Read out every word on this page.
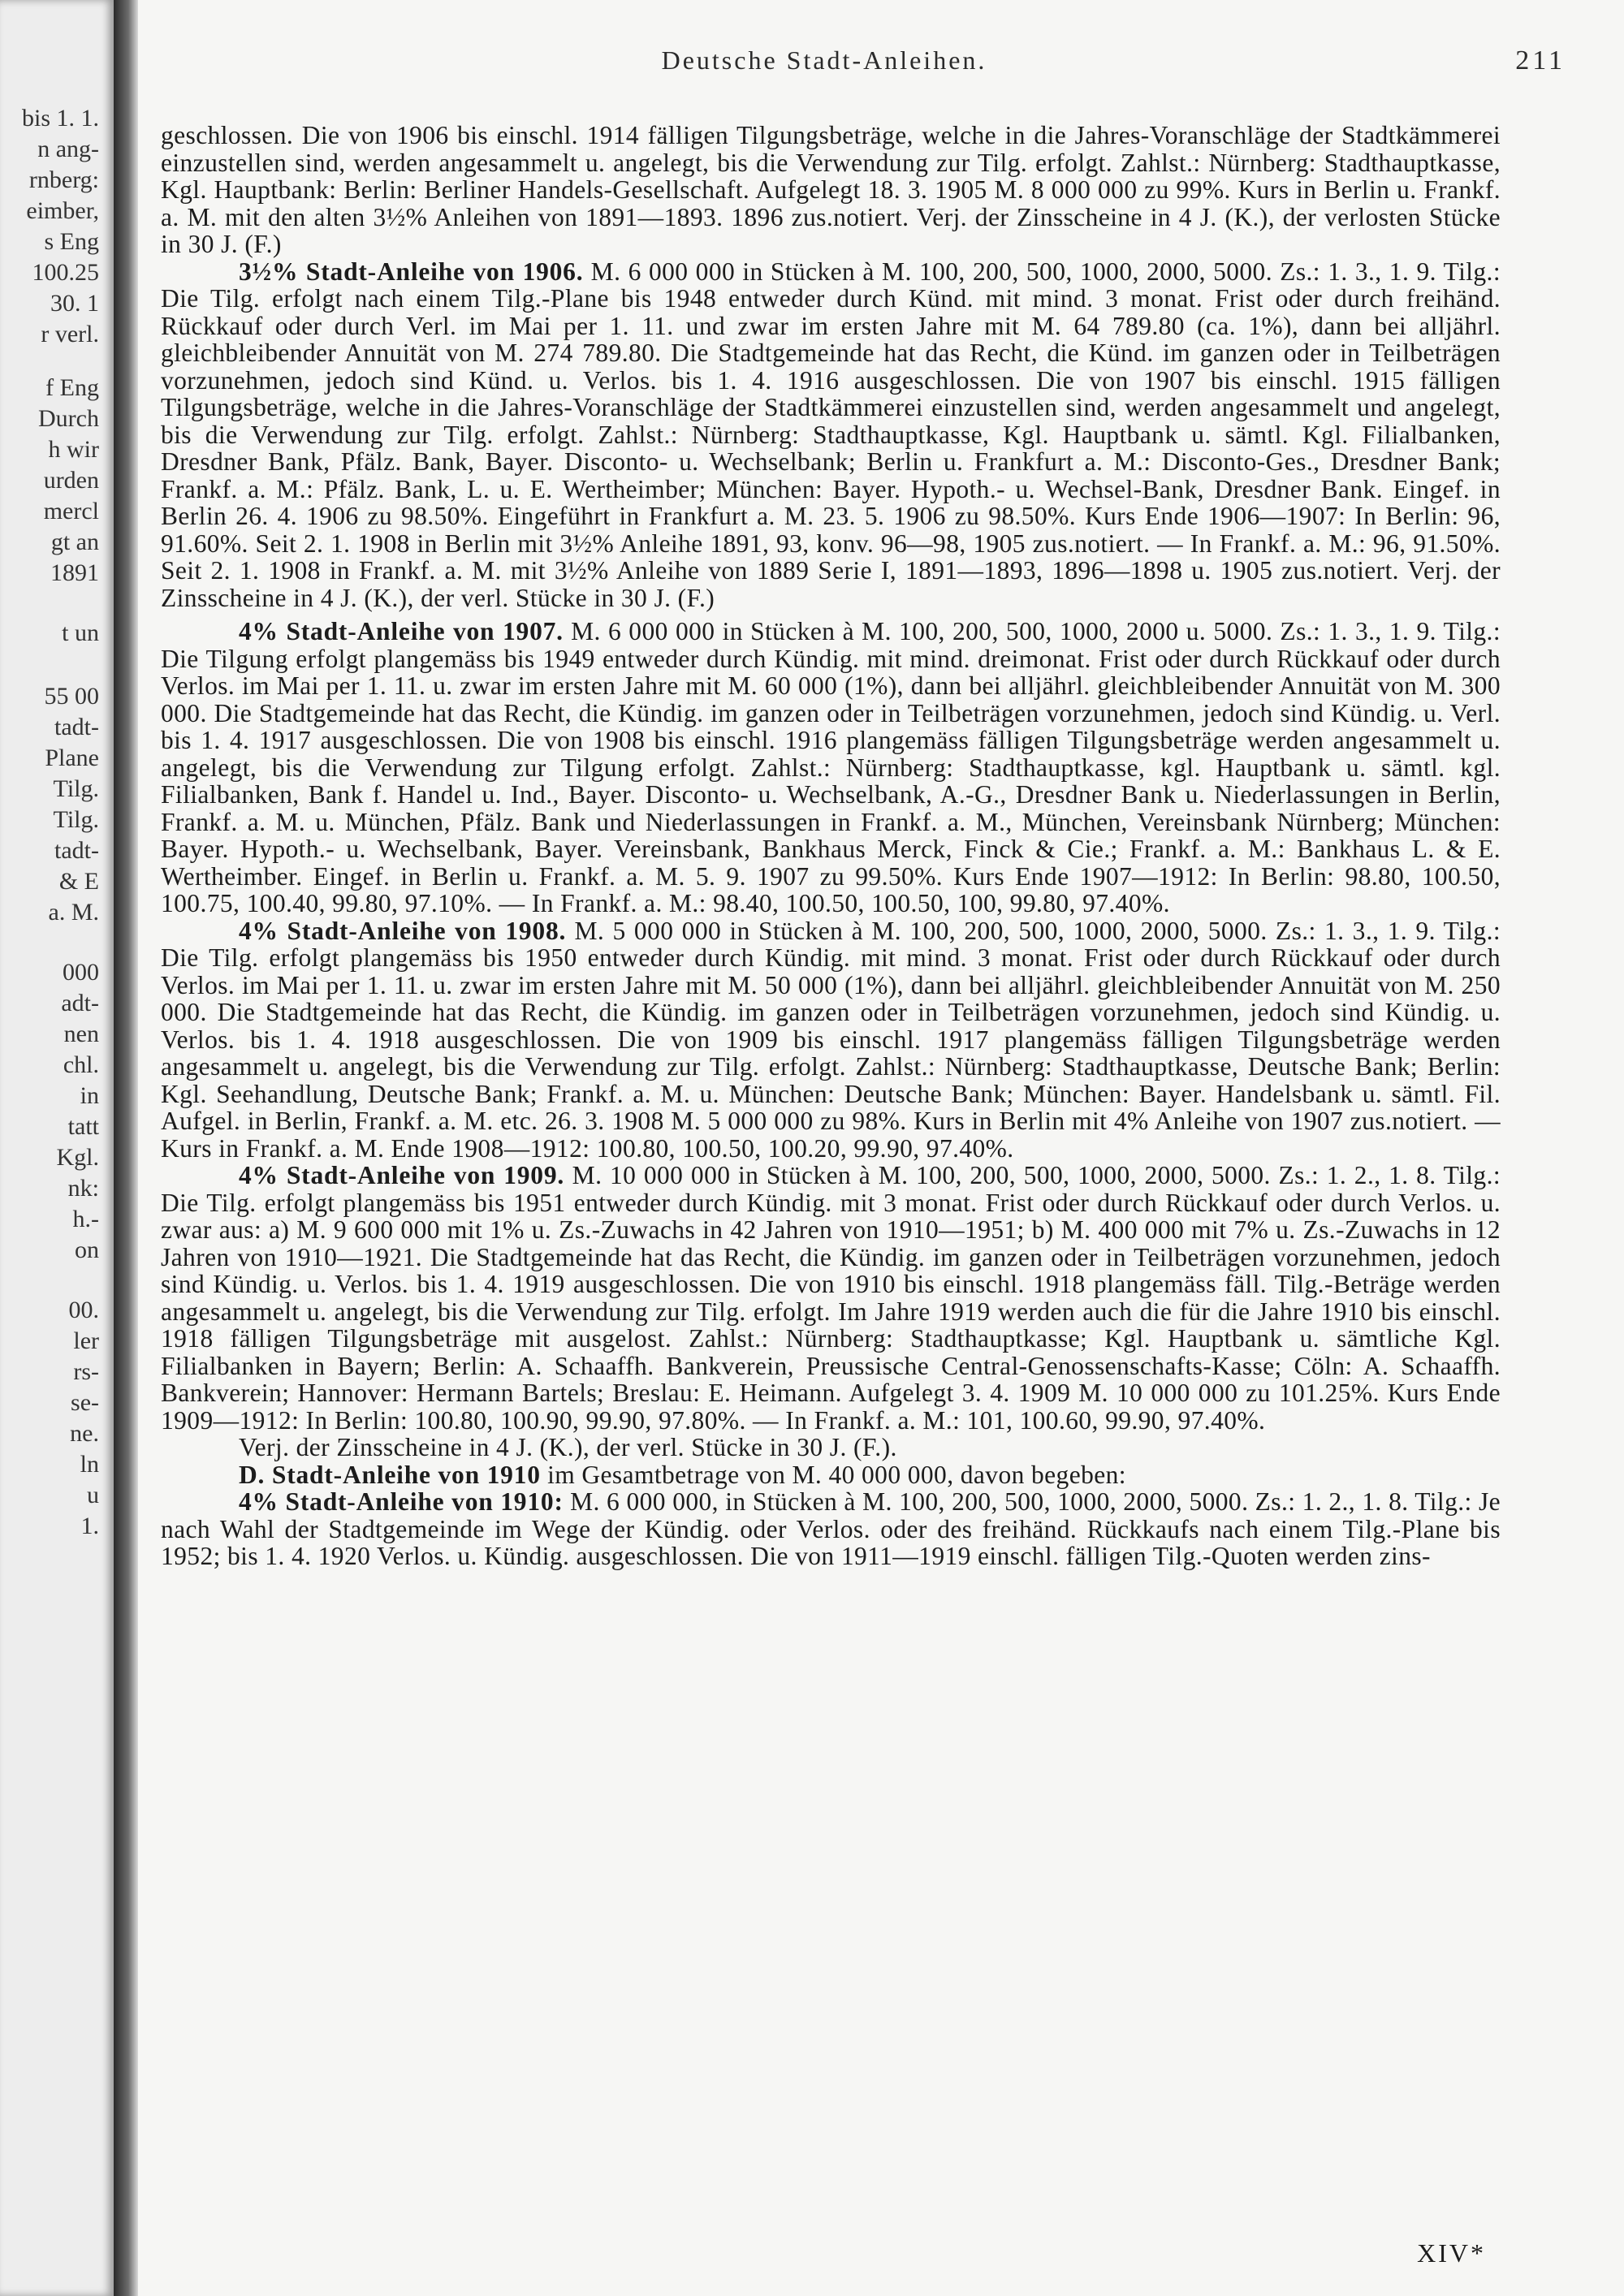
bis 1. 1.
n ang-
rnberg:
eimber,
s Eng
100.25
30. 1
r verl.
f Eng
Durch
h wir
urden
mercl
gt an
1891
t un
55 00
tadt-
Plane
Tilg.
Tilg.
tadt-
& E
a. M.
000
adt-
nen
chl.
in
tatt
Kgl.
nk:
h.-
on
00.
ler
rs-
se-
ne.
ln
u
1.
Deutsche Stadt-Anleihen.	211

geschlossen. Die von 1906 bis einschl. 1914 fälligen Tilgungsbeträge, welche in die Jahres-Voranschläge der Stadtkämmerei einzustellen sind, werden angesammelt u. angelegt, bis die Verwendung zur Tilg. erfolgt. Zahlst.: Nürnberg: Stadthauptkasse, Kgl. Hauptbank: Berlin: Berliner Handels-Gesellschaft. Aufgelegt 18. 3. 1905 M. 8 000 000 zu 99%. Kurs in Berlin u. Frankf. a. M. mit den alten 3½% Anleihen von 1891—1893. 1896 zus.notiert. Verj. der Zinsscheine in 4 J. (K.), der verlosten Stücke in 30 J. (F.)

3½% Stadt-Anleihe von 1906. M. 6 000 000 in Stücken à M. 100, 200, 500, 1000, 2000, 5000. Zs.: 1. 3., 1. 9. Tilg.: Die Tilg. erfolgt nach einem Tilg.-Plane bis 1948 entweder durch Künd. mit mind. 3 monat. Frist oder durch freihänd. Rückkauf oder durch Verl. im Mai per 1. 11. und zwar im ersten Jahre mit M. 64 789.80 (ca. 1%), dann bei alljährl. gleichbleibender Annuität von M. 274 789.80. Die Stadtgemeinde hat das Recht, die Künd. im ganzen oder in Teilbeträgen vorzunehmen, jedoch sind Künd. u. Verlos. bis 1. 4. 1916 ausgeschlossen. Die von 1907 bis einschl. 1915 fälligen Tilgungsbeträge, welche in die Jahres-Voranschläge der Stadtkämmerei einzustellen sind, werden angesammelt und angelegt, bis die Verwendung zur Tilg. erfolgt. Zahlst.: Nürnberg: Stadthauptkasse, Kgl. Hauptbank u. sämtl. Kgl. Filialbanken, Dresdner Bank, Pfälz. Bank, Bayer. Disconto- u. Wechselbank; Berlin u. Frankfurt a. M.: Disconto-Ges., Dresdner Bank; Frankf. a. M.: Pfälz. Bank, L. u. E. Wertheimber; München: Bayer. Hypoth.- u. Wechsel-Bank, Dresdner Bank. Eingef. in Berlin 26. 4. 1906 zu 98.50%. Eingeführt in Frankfurt a. M. 23. 5. 1906 zu 98.50%. Kurs Ende 1906—1907: In Berlin: 96, 91.60%. Seit 2. 1. 1908 in Berlin mit 3½% Anleihe 1891, 93, konv. 96—98, 1905 zus.notiert. — In Frankf. a. M.: 96, 91.50%. Seit 2. 1. 1908 in Frankf. a. M. mit 3½% Anleihe von 1889 Serie I, 1891—1893, 1896—1898 u. 1905 zus.notiert. Verj. der Zinsscheine in 4 J. (K.), der verl. Stücke in 30 J. (F.)

4% Stadt-Anleihe von 1907. M. 6 000 000 in Stücken à M. 100, 200, 500, 1000, 2000 u. 5000. Zs.: 1. 3., 1. 9. Tilg.: Die Tilgung erfolgt plangemäss bis 1949 entweder durch Kündig. mit mind. dreimonat. Frist oder durch Rückkauf oder durch Verlos. im Mai per 1. 11. u. zwar im ersten Jahre mit M. 60 000 (1%), dann bei alljährl. gleichbleibender Annuität von M. 300 000. Die Stadtgemeinde hat das Recht, die Kündig. im ganzen oder in Teilbeträgen vorzunehmen, jedoch sind Kündig. u. Verl. bis 1. 4. 1917 ausgeschlossen. Die von 1908 bis einschl. 1916 plangemäss fälligen Tilgungsbeträge werden angesammelt u. angelegt, bis die Verwendung zur Tilgung erfolgt. Zahlst.: Nürnberg: Stadthauptkasse, kgl. Hauptbank u. sämtl. kgl. Filialbanken, Bank f. Handel u. Ind., Bayer. Disconto- u. Wechselbank, A.-G., Dresdner Bank u. Niederlassungen in Berlin, Frankf. a. M. u. München, Pfälz. Bank und Niederlassungen in Frankf. a. M., München, Vereinsbank Nürnberg; München: Bayer. Hypoth.- u. Wechselbank, Bayer. Vereinsbank, Bankhaus Merck, Finck & Cie.; Frankf. a. M.: Bankhaus L. & E. Wertheimber. Eingef. in Berlin u. Frankf. a. M. 5. 9. 1907 zu 99.50%. Kurs Ende 1907—1912: In Berlin: 98.80, 100.50, 100.75, 100.40, 99.80, 97.10%. — In Frankf. a. M.: 98.40, 100.50, 100.50, 100, 99.80, 97.40%.

4% Stadt-Anleihe von 1908. M. 5 000 000 in Stücken à M. 100, 200, 500, 1000, 2000, 5000. Zs.: 1. 3., 1. 9. Tilg.: Die Tilg. erfolgt plangemäss bis 1950 entweder durch Kündig. mit mind. 3 monat. Frist oder durch Rückkauf oder durch Verlos. im Mai per 1. 11. u. zwar im ersten Jahre mit M. 50 000 (1%), dann bei alljährl. gleichbleibender Annuität von M. 250 000. Die Stadtgemeinde hat das Recht, die Kündig. im ganzen oder in Teilbeträgen vorzunehmen, jedoch sind Kündig. u. Verlos. bis 1. 4. 1918 ausgeschlossen. Die von 1909 bis einschl. 1917 plangemäss fälligen Tilgungsbeträge werden angesammelt u. angelegt, bis die Verwendung zur Tilg. erfolgt. Zahlst.: Nürnberg: Stadthauptkasse, Deutsche Bank; Berlin: Kgl. Seehandlung, Deutsche Bank; Frankf. a. M. u. München: Deutsche Bank; München: Bayer. Handelsbank u. sämtl. Fil. Aufgel. in Berlin, Frankf. a. M. etc. 26. 3. 1908 M. 5 000 000 zu 98%. Kurs in Berlin mit 4% Anleihe von 1907 zus.notiert. — Kurs in Frankf. a. M. Ende 1908—1912: 100.80, 100.50, 100.20, 99.90, 97.40%.

4% Stadt-Anleihe von 1909. M. 10 000 000 in Stücken à M. 100, 200, 500, 1000, 2000, 5000. Zs.: 1. 2., 1. 8. Tilg.: Die Tilg. erfolgt plangemäss bis 1951 entweder durch Kündig. mit 3 monat. Frist oder durch Rückkauf oder durch Verlos. u. zwar aus: a) M. 9 600 000 mit 1% u. Zs.-Zuwachs in 42 Jahren von 1910—1951; b) M. 400 000 mit 7% u. Zs.-Zuwachs in 12 Jahren von 1910—1921. Die Stadtgemeinde hat das Recht, die Kündig. im ganzen oder in Teilbeträgen vorzunehmen, jedoch sind Kündig. u. Verlos. bis 1. 4. 1919 ausgeschlossen. Die von 1910 bis einschl. 1918 plangemäss fäll. Tilg.-Beträge werden angesammelt u. angelegt, bis die Verwendung zur Tilg. erfolgt. Im Jahre 1919 werden auch die für die Jahre 1910 bis einschl. 1918 fälligen Tilgungsbeträge mit ausgelost. Zahlst.: Nürnberg: Stadthauptkasse; Kgl. Hauptbank u. sämtliche Kgl. Filialbanken in Bayern; Berlin: A. Schaaffh. Bankverein, Preussische Central-Genossenschafts-Kasse; Cöln: A. Schaaffh. Bankverein; Hannover: Hermann Bartels; Breslau: E. Heimann. Aufgelegt 3. 4. 1909 M. 10 000 000 zu 101.25%. Kurs Ende 1909—1912: In Berlin: 100.80, 100.90, 99.90, 97.80%. — In Frankf. a. M.: 101, 100.60, 99.90, 97.40%.

Verj. der Zinsscheine in 4 J. (K.), der verl. Stücke in 30 J. (F.).

D. Stadt-Anleihe von 1910 im Gesamtbetrage von M. 40 000 000, davon begeben:

4% Stadt-Anleihe von 1910: M. 6 000 000, in Stücken à M. 100, 200, 500, 1000, 2000, 5000. Zs.: 1. 2., 1. 8. Tilg.: Je nach Wahl der Stadtgemeinde im Wege der Kündig. oder Verlos. oder des freihänd. Rückkaufs nach einem Tilg.-Plane bis 1952; bis 1. 4. 1920 Verlos. u. Kündig. ausgeschlossen. Die von 1911—1919 einschl. fälligen Tilg.-Quoten werden zins-

XIV*
